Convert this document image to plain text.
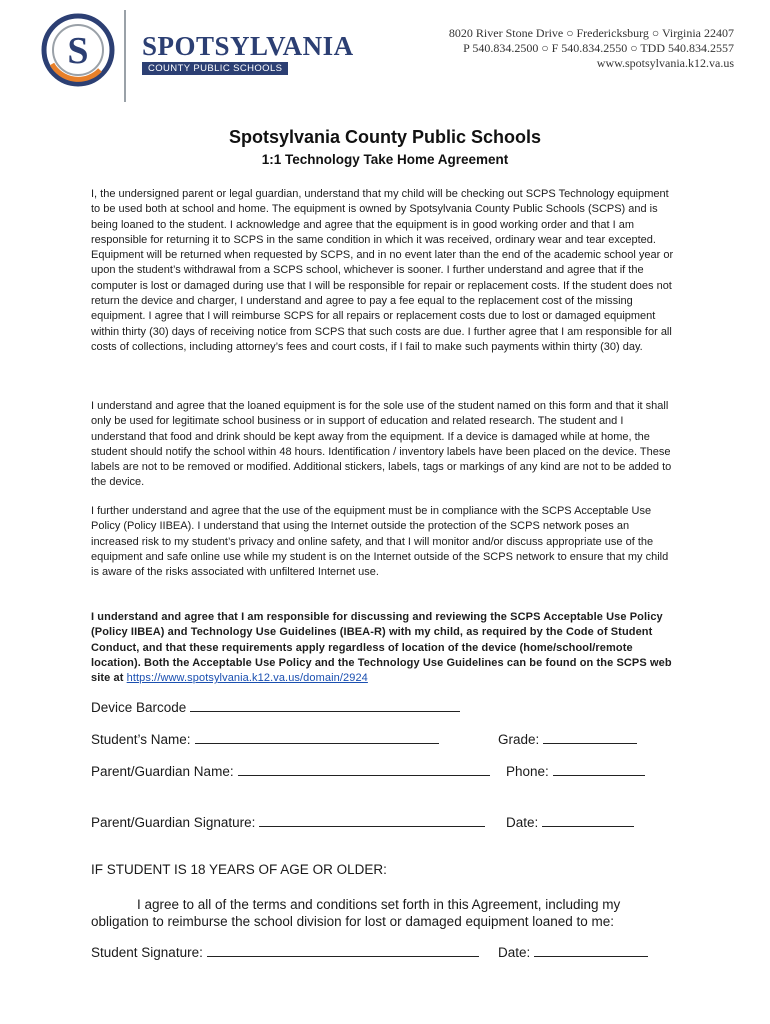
S SPOTSYLVANIA
COUNTY PUBLIC SCHOOLS
8020 River Stone Drive ○ Fredericksburg ○ Virginia 22407
P 540.834.2500 ○ F 540.834.2550 ○ TDD 540.834.2557
www.spotsylvania.k12.va.us
Spotsylvania County Public Schools
1:1 Technology Take Home Agreement
I, the undersigned parent or legal guardian, understand that my child will be checking out SCPS Technology equipment to be used both at school and home. The equipment is owned by Spotsylvania County Public Schools (SCPS) and is being loaned to the student. I acknowledge and agree that the equipment is in good working order and that I am responsible for returning it to SCPS in the same condition in which it was received, ordinary wear and tear excepted. Equipment will be returned when requested by SCPS, and in no event later than the end of the academic school year or upon the student’s withdrawal from a SCPS school, whichever is sooner. I further understand and agree that if the computer is lost or damaged during use that I will be responsible for repair or replacement costs. If the student does not return the device and charger, I understand and agree to pay a fee equal to the replacement cost of the missing equipment. I agree that I will reimburse SCPS for all repairs or replacement costs due to lost or damaged equipment within thirty (30) days of receiving notice from SCPS that such costs are due. I further agree that I am responsible for all costs of collections, including attorney’s fees and court costs, if I fail to make such payments within thirty (30) day.
I understand and agree that the loaned equipment is for the sole use of the student named on this form and that it shall only be used for legitimate school business or in support of education and related research. The student and I understand that food and drink should be kept away from the equipment. If a device is damaged while at home, the student should notify the school within 48 hours. Identification / inventory labels have been placed on the device. These labels are not to be removed or modified. Additional stickers, labels, tags or markings of any kind are not to be added to the device.
I further understand and agree that the use of the equipment must be in compliance with the SCPS Acceptable Use Policy (Policy IIBEA). I understand that using the Internet outside the protection of the SCPS network poses an increased risk to my student’s privacy and online safety, and that I will monitor and/or discuss appropriate use of the equipment and safe online use while my student is on the Internet outside of the SCPS network to ensure that my child is aware of the risks associated with unfiltered Internet use.
I understand and agree that I am responsible for discussing and reviewing the SCPS Acceptable Use Policy (Policy IIBEA) and Technology Use Guidelines (IBEA-R) with my child, as required by the Code of Student Conduct, and that these requirements apply regardless of location of the device (home/school/remote location). Both the Acceptable Use Policy and the Technology Use Guidelines can be found on the SCPS web site at https://www.spotsylvania.k12.va.us/domain/2924
Device Barcode
Student’s Name:	Grade:
Parent/Guardian Name:	Phone:
Parent/Guardian Signature:	Date:
IF STUDENT IS 18 YEARS OF AGE OR OLDER:
I agree to all of the terms and conditions set forth in this Agreement, including my obligation to reimburse the school division for lost or damaged equipment loaned to me:
Student Signature:	Date:
